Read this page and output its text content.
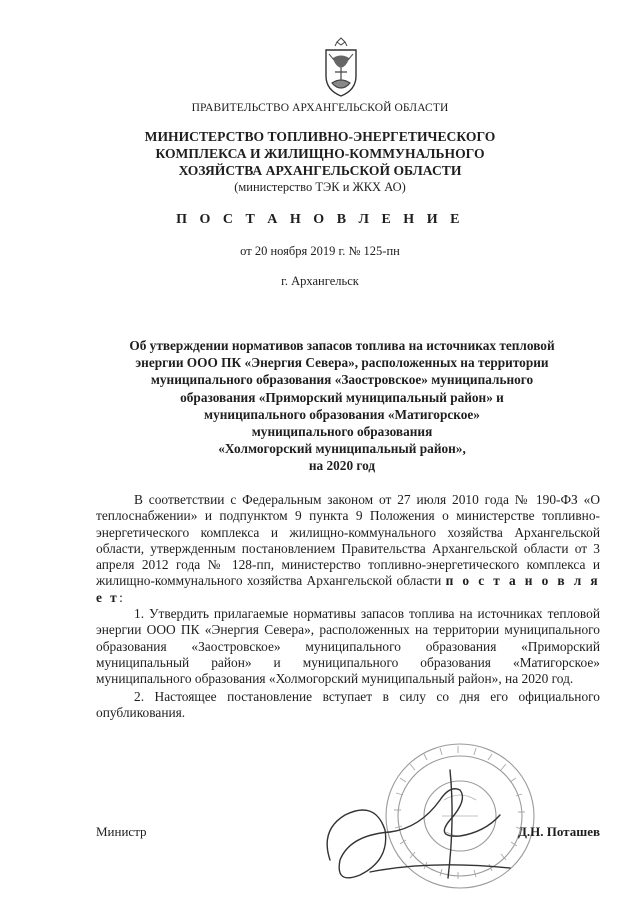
ПРАВИТЕЛЬСТВО АРХАНГЕЛЬСКОЙ ОБЛАСТИ

МИНИСТЕРСТВО ТОПЛИВНО-ЭНЕРГЕТИЧЕСКОГО
КОМПЛЕКСА И ЖИЛИЩНО-КОММУНАЛЬНОГО
ХОЗЯЙСТВА АРХАНГЕЛЬСКОЙ ОБЛАСТИ

(министерство ТЭК и ЖКХ АО)

П О С Т А Н О В Л Е Н И Е

от 20 ноября 2019 г. № 125-пн

г. Архангельск

Об утверждении нормативов запасов топлива на источниках тепловой
энергии ООО ПК «Энергия Севера», расположенных на территории
муниципального образования «Заостровское» муниципального
образования «Приморский муниципальный район» и
муниципального образования «Матигорское»
муниципального образования
«Холмогорский муниципальный район»,
на 2020 год

В соответствии с Федеральным законом от 27 июля 2010 года № 190-ФЗ «О теплоснабжении» и подпунктом 9 пункта 9 Положения о министерстве топливно-энергетического комплекса и жилищно-коммунального хозяйства Архангельской области, утвержденным постановлением Правительства Архангельской области от 3 апреля 2012 года № 128-пп, министерство топливно-энергетического комплекса и жилищно-коммунального хозяйства Архангельской области п о с т а н о в л я е т:

1. Утвердить прилагаемые нормативы запасов топлива на источниках тепловой энергии ООО ПК «Энергия Севера», расположенных на территории муниципального образования «Заостровское» муниципального образования «Приморский муниципальный район» и муниципального образования «Матигорское» муниципального образования «Холмогорский муниципальный район», на 2020 год.

2. Настоящее постановление вступает в силу со дня его официального опубликования.

Министр	Д.Н. Поташев
